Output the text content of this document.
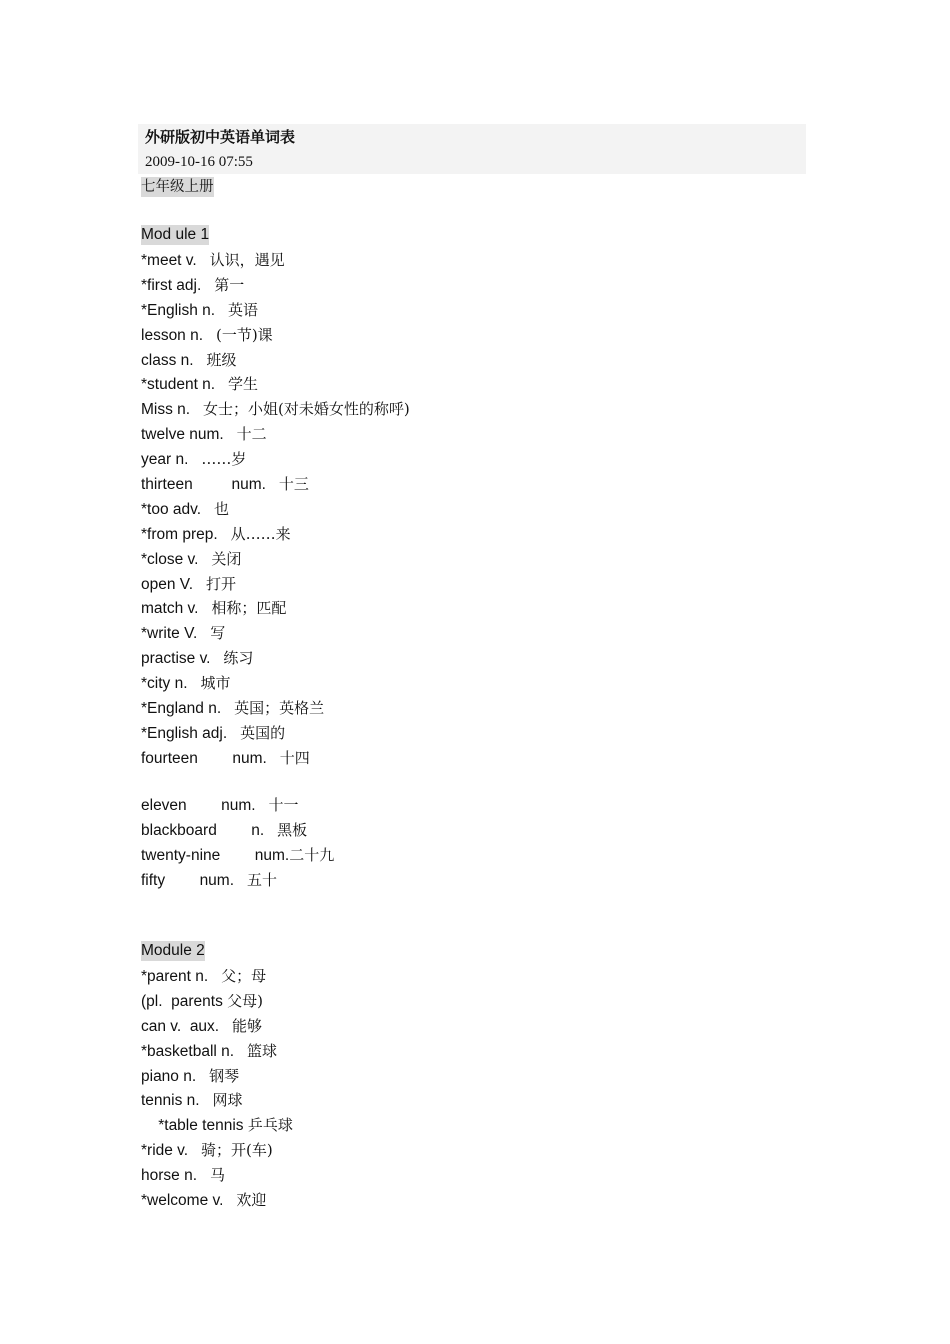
外研版初中英语单词表
2009-10-16 07:55
七年级上册
Mod ule 1
*meet v. 认识，遇见
*first adj. 第一
*English n. 英语
lesson n. (一节)课
class n. 班级
*student n. 学生
Miss n. 女士；小姐(对未婚女性的称呼)
twelve num. 十二
year n. ……岁
thirteen         num. 十三
*too adv. 也
*from prep. 从……来
*close v. 关闭
open V. 打开
match v. 相称；匹配
*write V. 写
practise v. 练习
*city n. 城市
*England n. 英国；英格兰
*English adj. 英国的
fourteen        num. 十四
eleven        num. 十一
blackboard        n. 黑板
twenty-nine        num.二十九
fifty        num. 五十
Module 2
*parent n. 父；母
(pl.  parents 父母)
can v.  aux. 能够
*basketball n. 篮球
piano n. 钢琴
tennis n. 网球
*table tennis 乒乓球
*ride v. 骑；开(车)
horse n. 马
*welcome v. 欢迎
